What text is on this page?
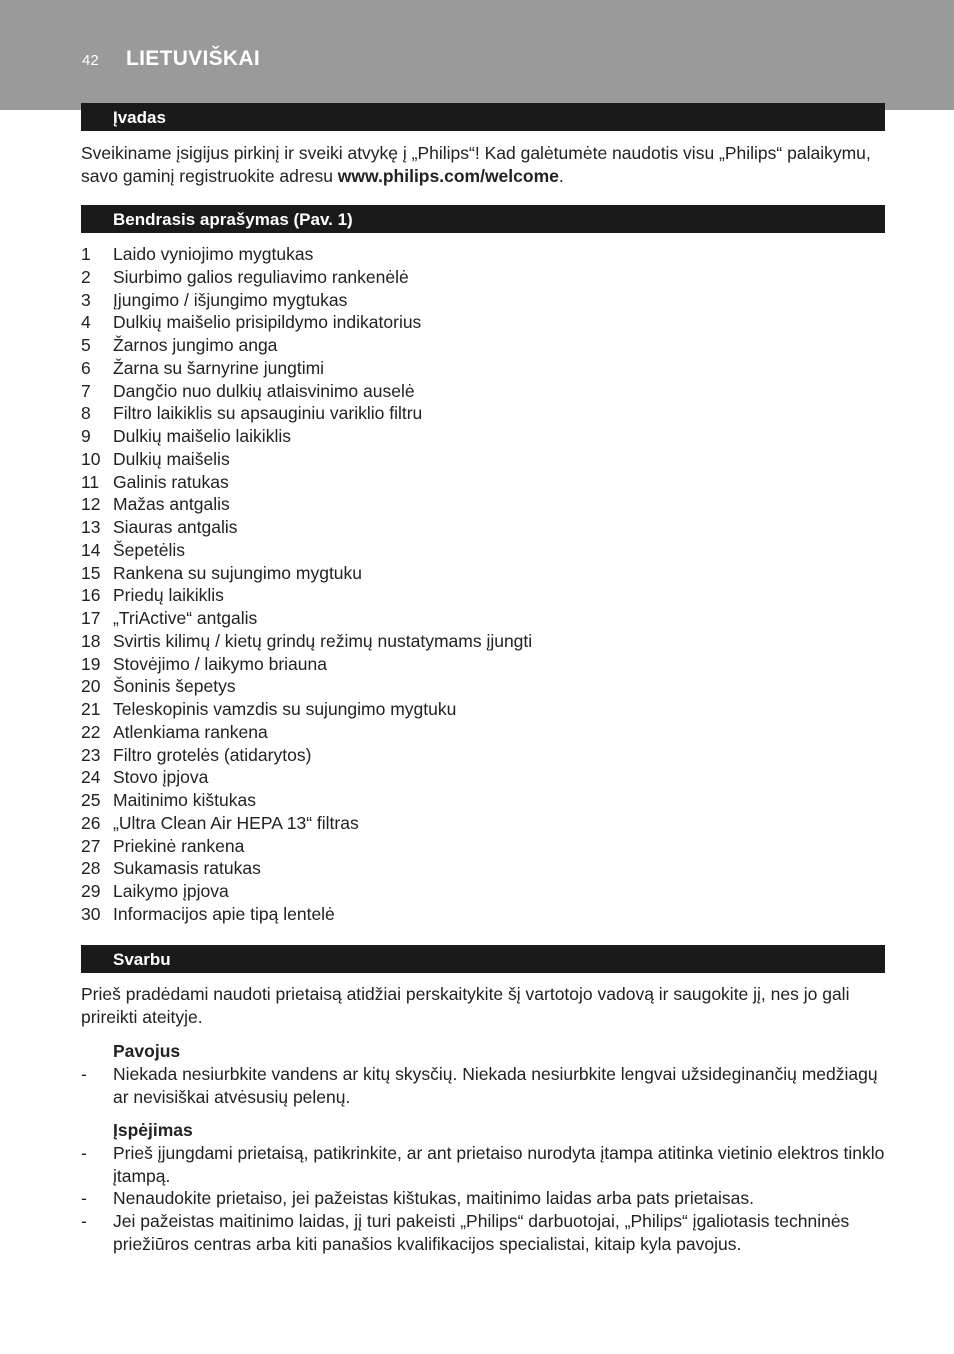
42 LIETUVIŠKAI
Įvadas
Sveikiname įsigijus pirkinį ir sveiki atvykę į „Philips“! Kad galėtumėte naudotis visu „Philips“ palaikymu, savo gaminį registruokite adresu www.philips.com/welcome.
Bendrasis aprašymas (Pav. 1)
1 Laido vyniojimo mygtukas
2 Siurbimo galios reguliavimo rankenėlė
3 Įjungimo / išjungimo mygtukas
4 Dulkių maišelio prisipildymo indikatorius
5 Žarnos jungimo anga
6 Žarna su šarnyrine jungtimi
7 Dangčio nuo dulkių atlaisvinimo auselė
8 Filtro laikiklis su apsauginiu variklio filtru
9 Dulkių maišelio laikiklis
10 Dulkių maišelis
11 Galinis ratukas
12 Mažas antgalis
13 Siauras antgalis
14 Šepetėlis
15 Rankena su sujungimo mygtuku
16 Priedų laikiklis
17„TriActive“ antgalis
18 Svirtis kilimų / kietų grindų režimų nustatymams įjungti
19 Stovėjimo / laikymo briauna
20 Šoninis šepetys
21 Teleskopinis vamzdis su sujungimo mygtuku
22 Atlenkiama rankena
23 Filtro grotelės (atidarytos)
24 Stovo įpjova
25 Maitinimo kištukas
26 „Ultra Clean Air HEPA 13“ filtras
27 Priekinė rankena
28 Sukamasis ratukas
29 Laikymo įpjova
30 Informacijos apie tipą lentelė
Svarbu
Prieš pradėdami naudoti prietaisą atidžiai perskaitykite šį vartotojo vadovą ir saugokite jį, nes jo gali prireikti ateityje.
Pavojus
- Niekada nesiurbkite vandens ar kitų skysčių. Niekada nesiurbkite lengvai užsideginančių medžiagų ar nevisiškai atvėsusių pelenų.
Įspėjimas
- Prieš įjungdami prietaisą, patikrinkite, ar ant prietaiso nurodyta įtampa atitinka vietinio elektros tinklo įtampą.
- Nenaudokite prietaiso, jei pažeistas kištukas, maitinimo laidas arba pats prietaisas.
- Jei pažeistas maitinimo laidas, jį turi pakeisti „Philips“ darbuotojai, „Philips“ įgaliotasis techninės priežiūros centras arba kiti panašios kvalifikacijos specialistai, kitaip kyla pavojus.
